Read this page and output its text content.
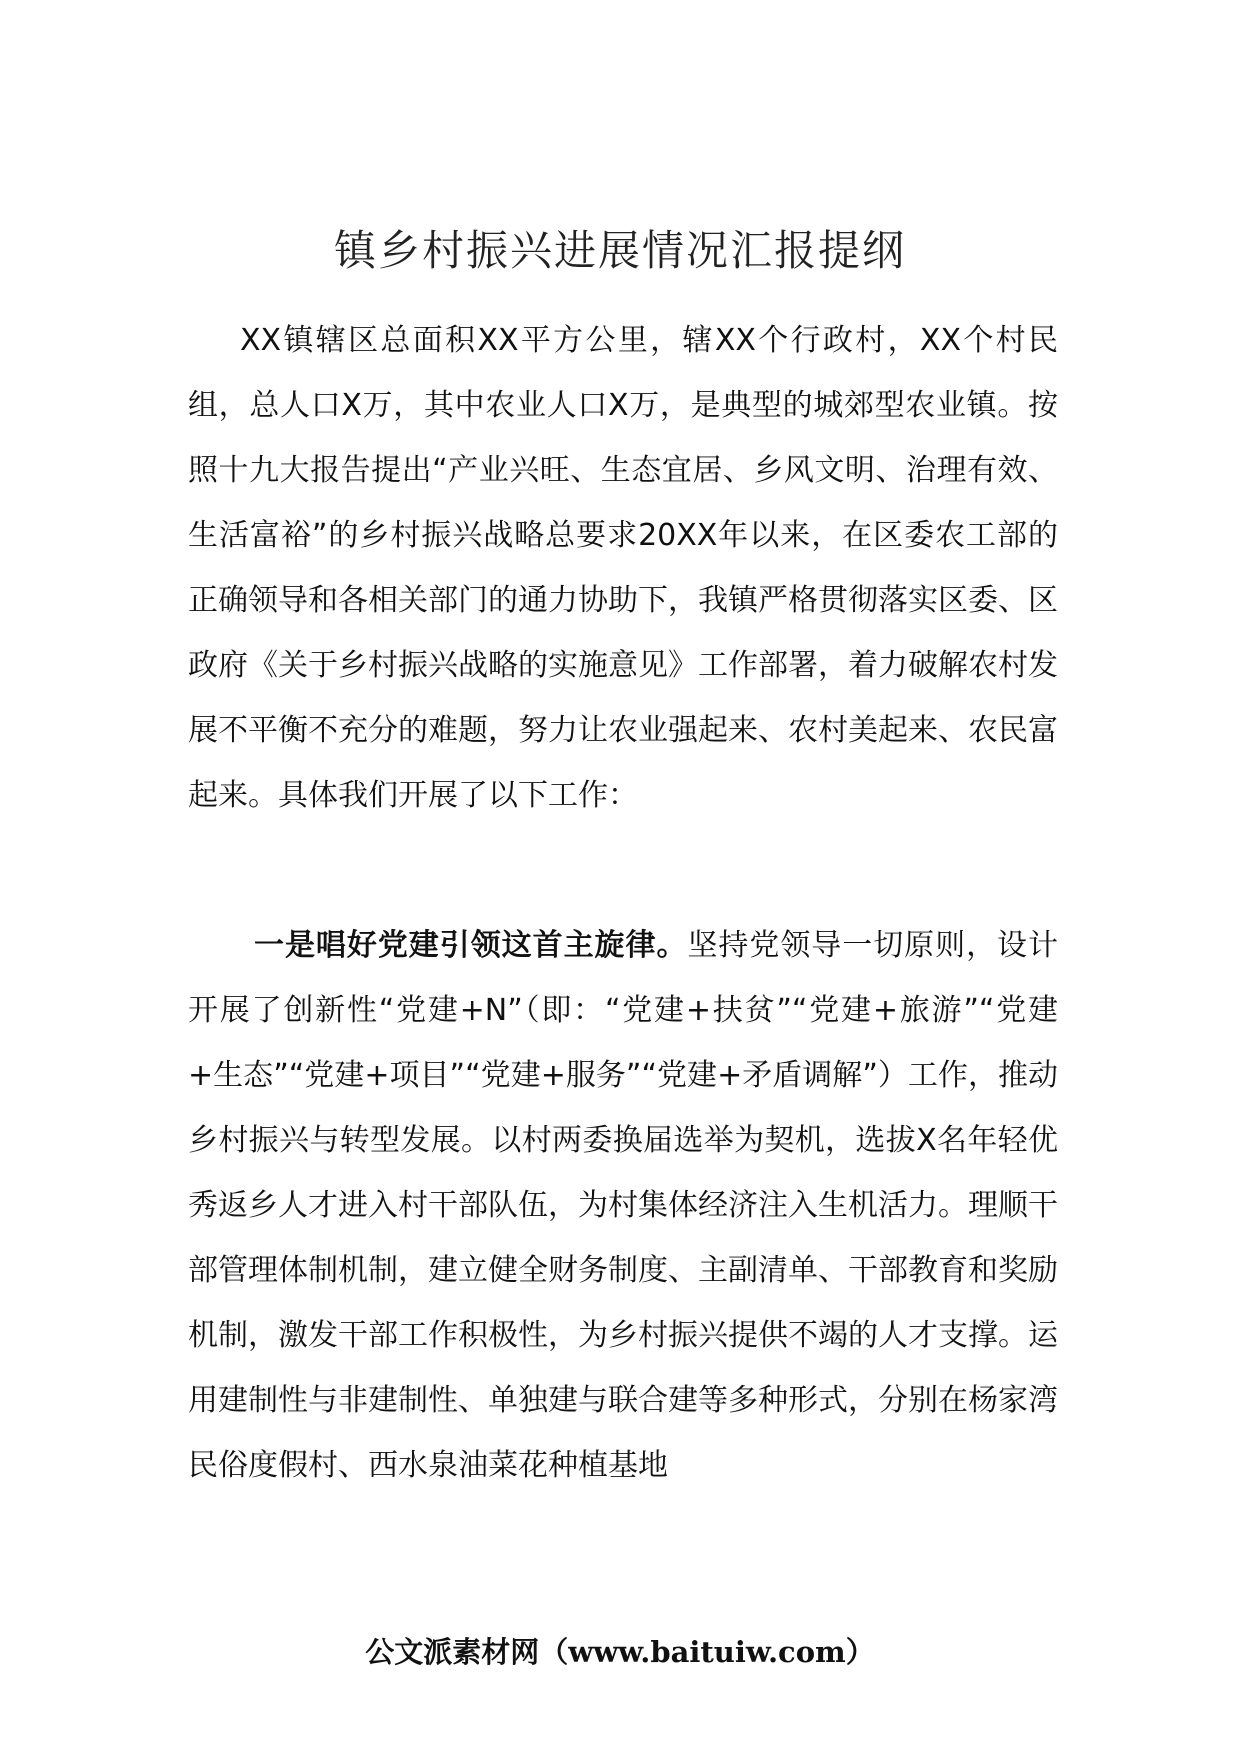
镇乡村振兴进展情况汇报提纲

XX镇辖区总面积XX平方公里，辖XX个行政村，XX个村民组，总人口X万，其中农业人口X万，是典型的城郊型农业镇。按照十九大报告提出“产业兴旺、生态宜居、乡风文明、治理有效、生活富裕”的乡村振兴战略总要求20XX年以来，在区委农工部的正确领导和各相关部门的通力协助下，我镇严格贯彻落实区委、区政府《关于乡村振兴战略的实施意见》工作部署，着力破解农村发展不平衡不充分的难题，努力让农业强起来、农村美起来、农民富起来。具体我们开展了以下工作：

一是唱好党建引领这首主旋律。坚持党领导一切原则，设计开展了创新性“党建+N”（即：“党建+扶贫”“党建+旅游”“党建+生态”“党建+项目”“党建+服务”“党建+矛盾调解”）工作，推动乡村振兴与转型发展。以村两委换届选举为契机，选拔X名年轻优秀返乡人才进入村干部队伍，为村集体经济注入生机活力。理顺干部管理体制机制，建立健全财务制度、主副清单、干部教育和奖励机制，激发干部工作积极性，为乡村振兴提供不竭的人才支撑。运用建制性与非建制性、单独建与联合建等多种形式，分别在杨家湾民俗度假村、西水泉油菜花种植基地

公文派素材网（www.baituiw.com）
